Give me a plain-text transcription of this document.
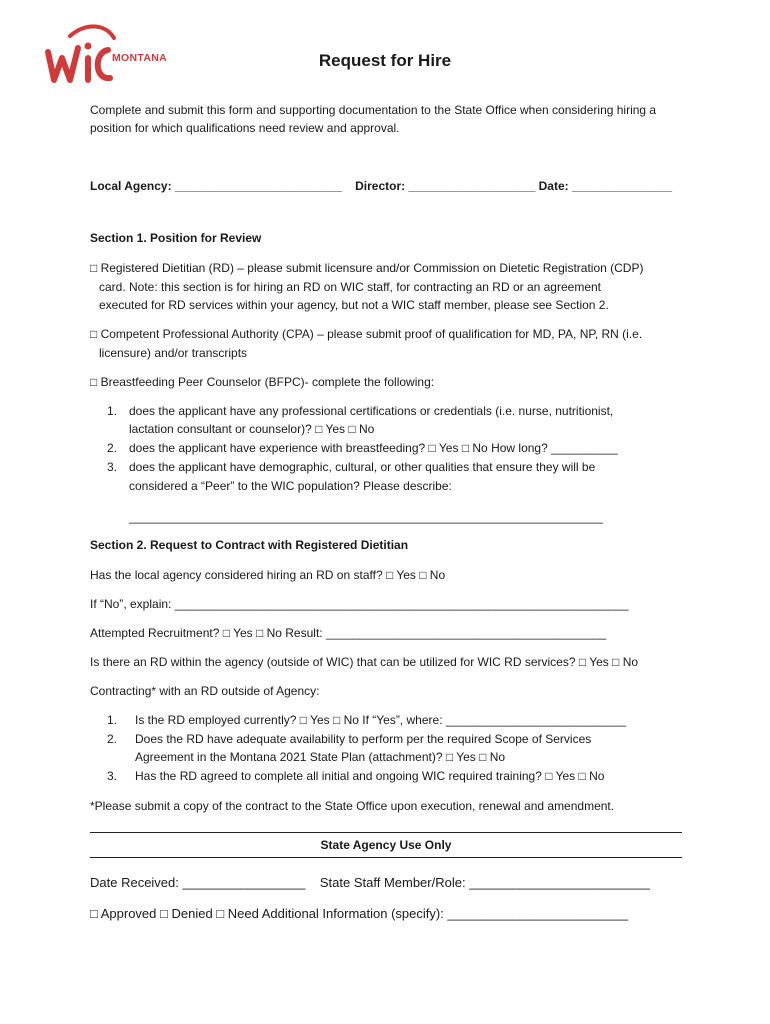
MONTANA	Request for Hire
Complete and submit this form and supporting documentation to the State Office when considering hiring a position for which qualifications need review and approval.
Local Agency: _________________________ Director: ___________________ Date: _______________
Section 1. Position for Review
□ Registered Dietitian (RD) – please submit licensure and/or Commission on Dietetic Registration (CDP)
card. Note: this section is for hiring an RD on WIC staff, for contracting an RD or an agreement
executed for RD services within your agency, but not a WIC staff member, please see Section 2.
□ Competent Professional Authority (CPA) – please submit proof of qualification for MD, PA, NP, RN (i.e.
licensure) and/or transcripts
□ Breastfeeding Peer Counselor (BFPC)- complete the following:
1. does the applicant have any professional certifications or credentials (i.e. nurse, nutritionist,
lactation consultant or counselor)? □ Yes □ No
2. does the applicant have experience with breastfeeding? □ Yes □ No How long? __________
3. does the applicant have demographic, cultural, or other qualities that ensure they will be
considered a “Peer” to the WIC population? Please describe:
_______________________________________________________________________
Section 2. Request to Contract with Registered Dietitian
Has the local agency considered hiring an RD on staff? □ Yes □ No
If “No”, explain: ____________________________________________________________________
Attempted Recruitment? □ Yes □ No Result: __________________________________________
Is there an RD within the agency (outside of WIC) that can be utilized for WIC RD services? □ Yes □ No
Contracting* with an RD outside of Agency:
1. Is the RD employed currently? □ Yes □ No If “Yes”, where: ___________________________
2. Does the RD have adequate availability to perform per the required Scope of Services
Agreement in the Montana 2021 State Plan (attachment)? □ Yes □ No
3. Has the RD agreed to complete all initial and ongoing WIC required training? □ Yes □ No
*Please submit a copy of the contract to the State Office upon execution, renewal and amendment.
State Agency Use Only
Date Received: _________________ State Staff Member/Role: _________________________
□ Approved □ Denied □ Need Additional Information (specify): _________________________
